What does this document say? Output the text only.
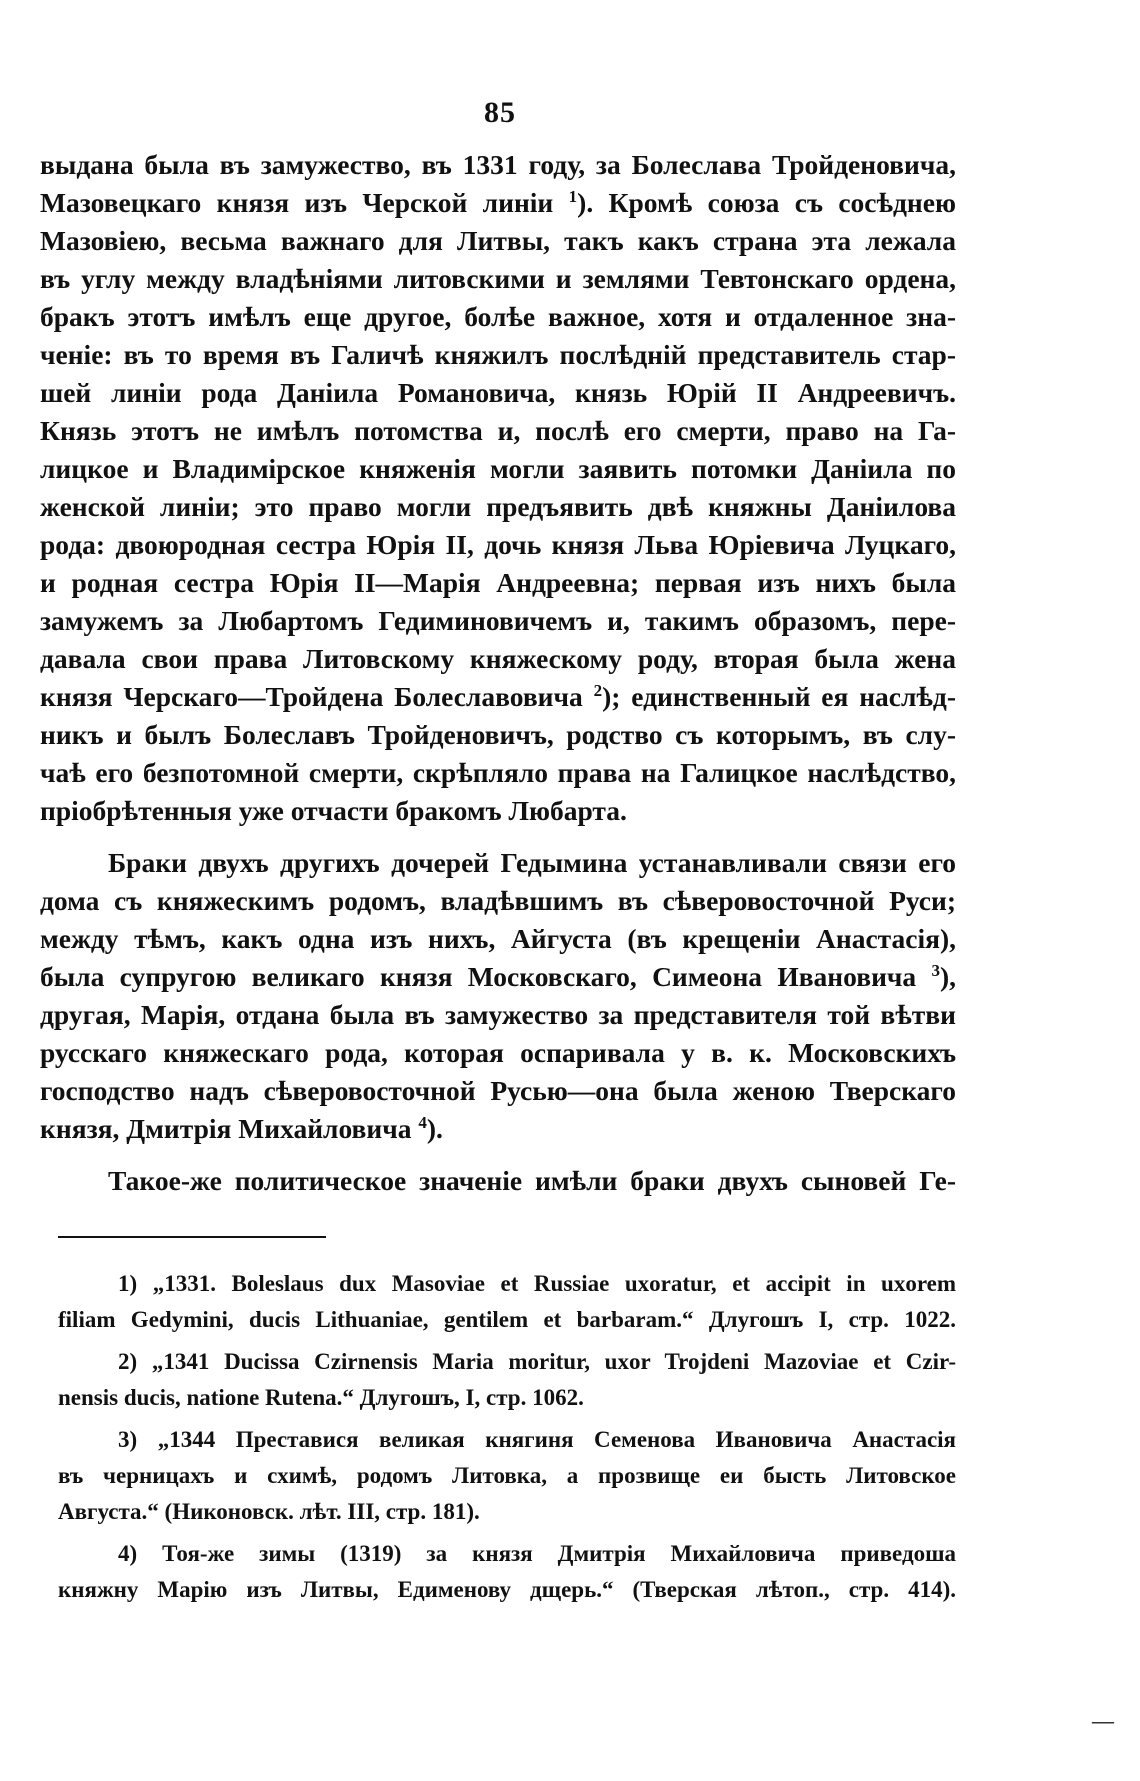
85
выдана была въ замужество, въ 1331 году, за Болеслава Тройденовича,
Мазовецкаго князя изъ Черской линіи $^1$). Кромѣ союза съ сосѣднею
Мазовіею, весьма важнаго для Литвы, такъ какъ страна эта лежала
въ углу между владѣніями литовскими и землями Тевтонскаго ордена,
бракъ этотъ имѣлъ еще другое, болѣе важное, хотя и отдаленное зна-
ченіе: въ то время въ Галичѣ княжилъ послѣдній представитель стар-
шей линіи рода Даніила Романовича, князь Юрій II Андреевичъ.
Князь этотъ не имѣлъ потомства и, послѣ его смерти, право на Га-
лицкое и Владимірское княженія могли заявить потомки Даніила по
женской линіи; это право могли предъявить двѣ княжны Даніилова
рода: двоюродная сестра Юрія II, дочь князя Льва Юріевича Луцкаго,
и родная сестра Юрія II—Марія Андреевна; первая изъ нихъ была
замужемъ за Любартомъ Гедиминовичемъ и, такимъ образомъ, пере-
давала свои права Литовскому княжескому роду, вторая была жена
князя Черскаго—Тройдена Болеславовича $^2$); единственный ея наслѣд-
никъ и былъ Болеславъ Тройденовичъ, родство съ которымъ, въ слу-
чаѣ его безпотомной смерти, скрѣпляло права на Галицкое наслѣдство,
пріобрѣтенныя уже отчасти бракомъ Любарта.
Браки двухъ другихъ дочерей Гедымина устанавливали связи его
дома съ княжескимъ родомъ, владѣвшимъ въ сѣверовосточной Руси;
между тѣмъ, какъ одна изъ нихъ, Айгуста (въ крещеніи Анастасія),
была супругою великаго князя Московскаго, Симеона Ивановича $^3$),
другая, Марія, отдана была въ замужество за представителя той вѣтви
русскаго княжескаго рода, которая оспаривала у в. к. Московскихъ
господство надъ сѣверовосточной Русью—она была женою Тверскаго
князя, Дмитрія Михайловича $^4$).
Такое-же политическое значеніе имѣли браки двухъ сыновей Ге-
1) „1331. Boleslaus dux Masoviae et Russiae uxoratur, et accipit in uxorem
filiam Gedymini, ducis Lithuaniae, gentilem et barbaram.“ Длугошъ I, стр. 1022.
2) „1341 Ducissa Czirnensis Maria moritur, uxor Trojdeni Mazoviae et Czir-
nensis ducis, natione Rutena.“ Длугошъ, I, стр. 1062.
3) „1344 Преставися великая княгиня Семенова Ивановича Анастасія
въ черницахъ и схимѣ, родомъ Литовка, а прозвище еи бысть Литовское
Августа.“ (Никоновск. лѣт. III, стр. 181).
4) Тоя-же зимы (1319) за князя Дмитрія Михайловича приведоша
княжну Марію изъ Литвы, Едименову дщерь.“ (Тверская лѣтоп., стр. 414).
—
